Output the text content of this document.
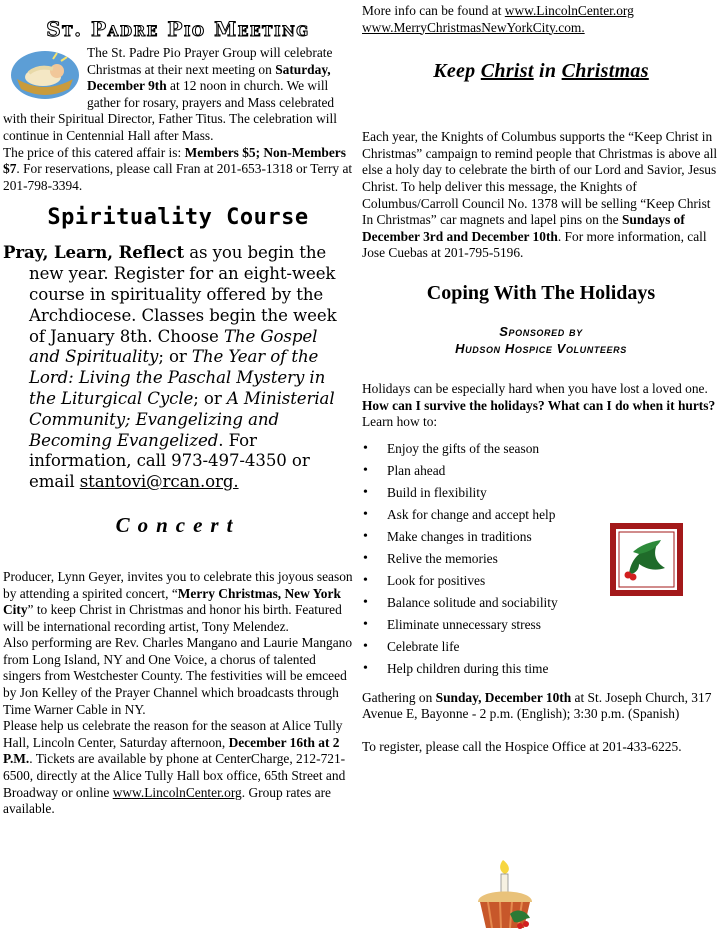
St. Padre Pio Meeting

The St. Padre Pio Prayer Group will celebrate Christmas at their next meeting on Saturday, December 9th at 12 noon in church. We will gather for rosary, prayers and Mass celebrated with their Spiritual Director, Father Titus. The celebration will continue in Centennial Hall after Mass.

The price of this catered affair is: Members $5; Non-Members $7. For reservations, please call Fran at 201-653-1318 or Terry at 201-798-3394.

Spirituality Course

Pray, Learn, Reflect as you begin the new year. Register for an eight-week course in spirituality offered by the Archdiocese. Classes begin the week of January 8th. Choose The Gospel and Spirituality; or The Year of the Lord: Living the Paschal Mystery in the Liturgical Cycle; or A Ministerial Community; Evangelizing and Becoming Evangelized. For information, call 973-497-4350 or email stantovi@rcan.org.

Concert

Producer, Lynn Geyer, invites you to celebrate this joyous season by attending a spirited concert, “Merry Christmas, New York City” to keep Christ in Christmas and honor his birth. Featured will be international recording artist, Tony Melendez.

Also performing are Rev. Charles Mangano and Laurie Mangano from Long Island, NY and One Voice, a chorus of talented singers from Westchester County. The festivities will be emceed by Jon Kelley of the Prayer Channel which broadcasts through Time Warner Cable in NY.

Please help us celebrate the reason for the season at Alice Tully Hall, Lincoln Center, Saturday afternoon, December 16th at 2 P.M.. Tickets are available by phone at CenterCharge, 212-721-6500, directly at the Alice Tully Hall box office, 65th Street and Broadway or online www.LincolnCenter.org. Group rates are available.

More info can be found at www.LincolnCenter.org
www.MerryChristmasNewYorkCity.com.

Keep Christ in Christmas

Each year, the Knights of Columbus supports the “Keep Christ in Christmas” campaign to remind people that Christmas is above all else a holy day to celebrate the birth of our Lord and Savior, Jesus Christ. To help deliver this message, the Knights of Columbus/Carroll Council No. 1378 will be selling “Keep Christ In Christmas” car magnets and lapel pins on the Sundays of December 3rd and December 10th. For more information, call Jose Cuebas at 201-795-5196.

Coping With The Holidays
Sponsored by
Hudson Hospice Volunteers

Holidays can be especially hard when you have lost a loved one. How can I survive the holidays? What can I do when it hurts? Learn how to:

• Enjoy the gifts of the season
• Plan ahead
• Build in flexibility
• Ask for change and accept help
• Make changes in traditions
• Relive the memories
• Look for positives
• Balance solitude and sociability
• Eliminate unnecessary stress
• Celebrate life
• Help children during this time

Gathering on Sunday, December 10th at St. Joseph Church, 317 Avenue E, Bayonne - 2 p.m. (English); 3:30 p.m. (Spanish)

To register, please call the Hospice Office at 201-433-6225.
